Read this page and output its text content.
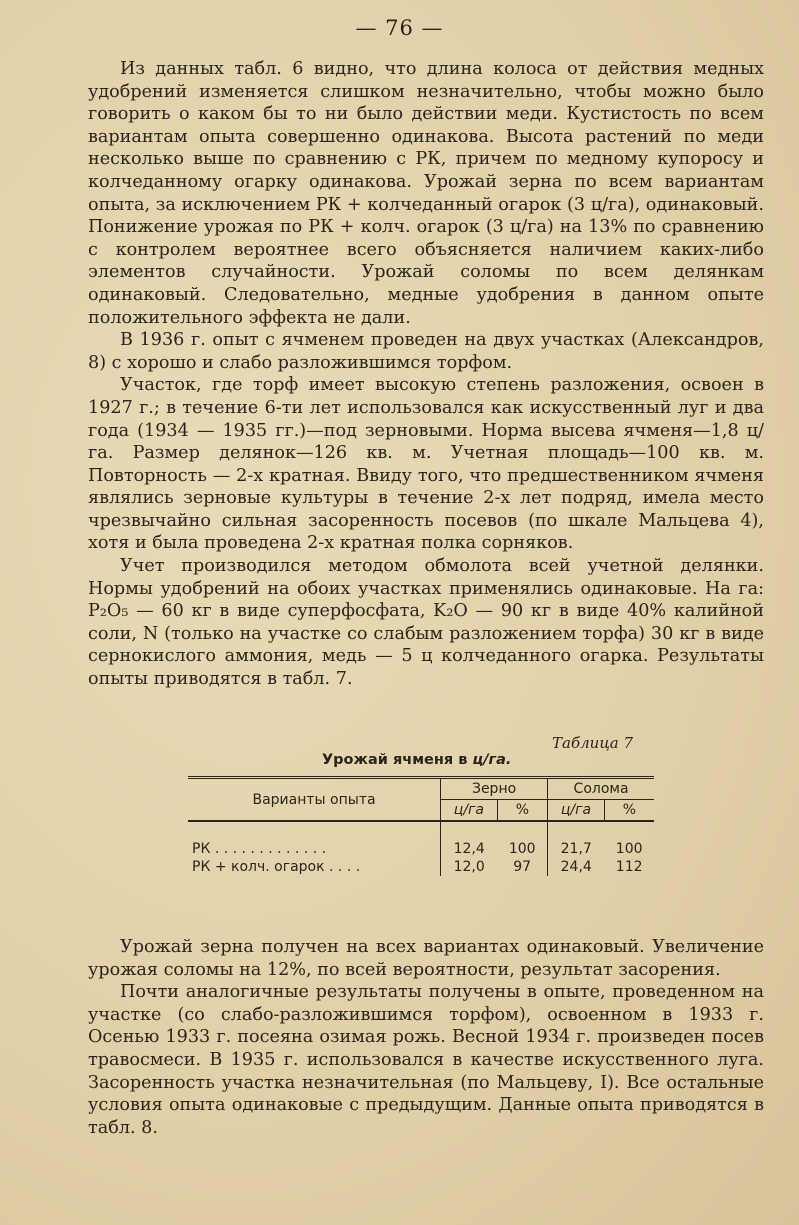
— 76 —

Из данных табл. 6 видно, что длина колоса от действия медных удобрений изменяется слишком незначительно, чтобы можно было говорить о каком бы то ни было действии меди. Кустистость по всем вариантам опыта совершенно одинакова. Высота растений по меди несколько выше по сравнению с РК, причем по медному купоросу и колчеданному огарку одинакова. Урожай зерна по всем вариантам опыта, за исключением РК + колчеданный огарок (3 ц/га), одинаковый. Понижение урожая по РК + колч. огарок (3 ц/га) на 13% по сравнению с контролем вероятнее всего объясняется наличием каких-либо элементов случайности. Урожай соломы по всем делянкам одинаковый. Следовательно, медные удобрения в данном опыте положительного эффекта не дали.

В 1936 г. опыт с ячменем проведен на двух участках (Александров, 8) с хорошо и слабо разложившимся торфом.

Участок, где торф имеет высокую степень разложения, освоен в 1927 г.; в течение 6-ти лет использовался как искусственный луг и два года (1934 — 1935 гг.)—под зерновыми. Норма высева ячменя—1,8 ц/га. Размер делянок—126 кв. м. Учетная площадь—100 кв. м. Повторность — 2-х кратная. Ввиду того, что предшественником ячменя являлись зерновые культуры в течение 2-х лет подряд, имела место чрезвычайно сильная засоренность посевов (по шкале Мальцева 4), хотя и была проведена 2-х кратная полка сорняков.

Учет производился методом обмолота всей учетной делянки. Нормы удобрений на обоих участках применялись одинаковые. На га: P₂O₅ — 60 кг в виде суперфосфата, K₂O — 90 кг в виде 40% калийной соли, N (только на участке со слабым разложением торфа) 30 кг в виде сернокислого аммония, медь — 5 ц колчеданного огарка. Результаты опыты приводятся в табл. 7.

Таблица 7
Урожай ячменя в ц/га.
Варианты опыта	Зерно		Солома	
	ц/га	%	ц/га	%

РК . . . . . . . . . . . . .	12,4	100	21,7	100
РК + колч. огарок . . . .	12,0	97	24,4	112

Урожай зерна получен на всех вариантах одинаковый. Увеличение урожая соломы на 12%, по всей вероятности, результат засорения.

Почти аналогичные результаты получены в опыте, проведенном на участке (со слабо-разложившимся торфом), освоенном в 1933 г. Осенью 1933 г. посеяна озимая рожь. Весной 1934 г. произведен посев травосмеси. В 1935 г. использовался в качестве искусственного луга. Засоренность участка незначительная (по Мальцеву, I). Все остальные условия опыта одинаковые с предыдущим. Данные опыта приводятся в табл. 8.
